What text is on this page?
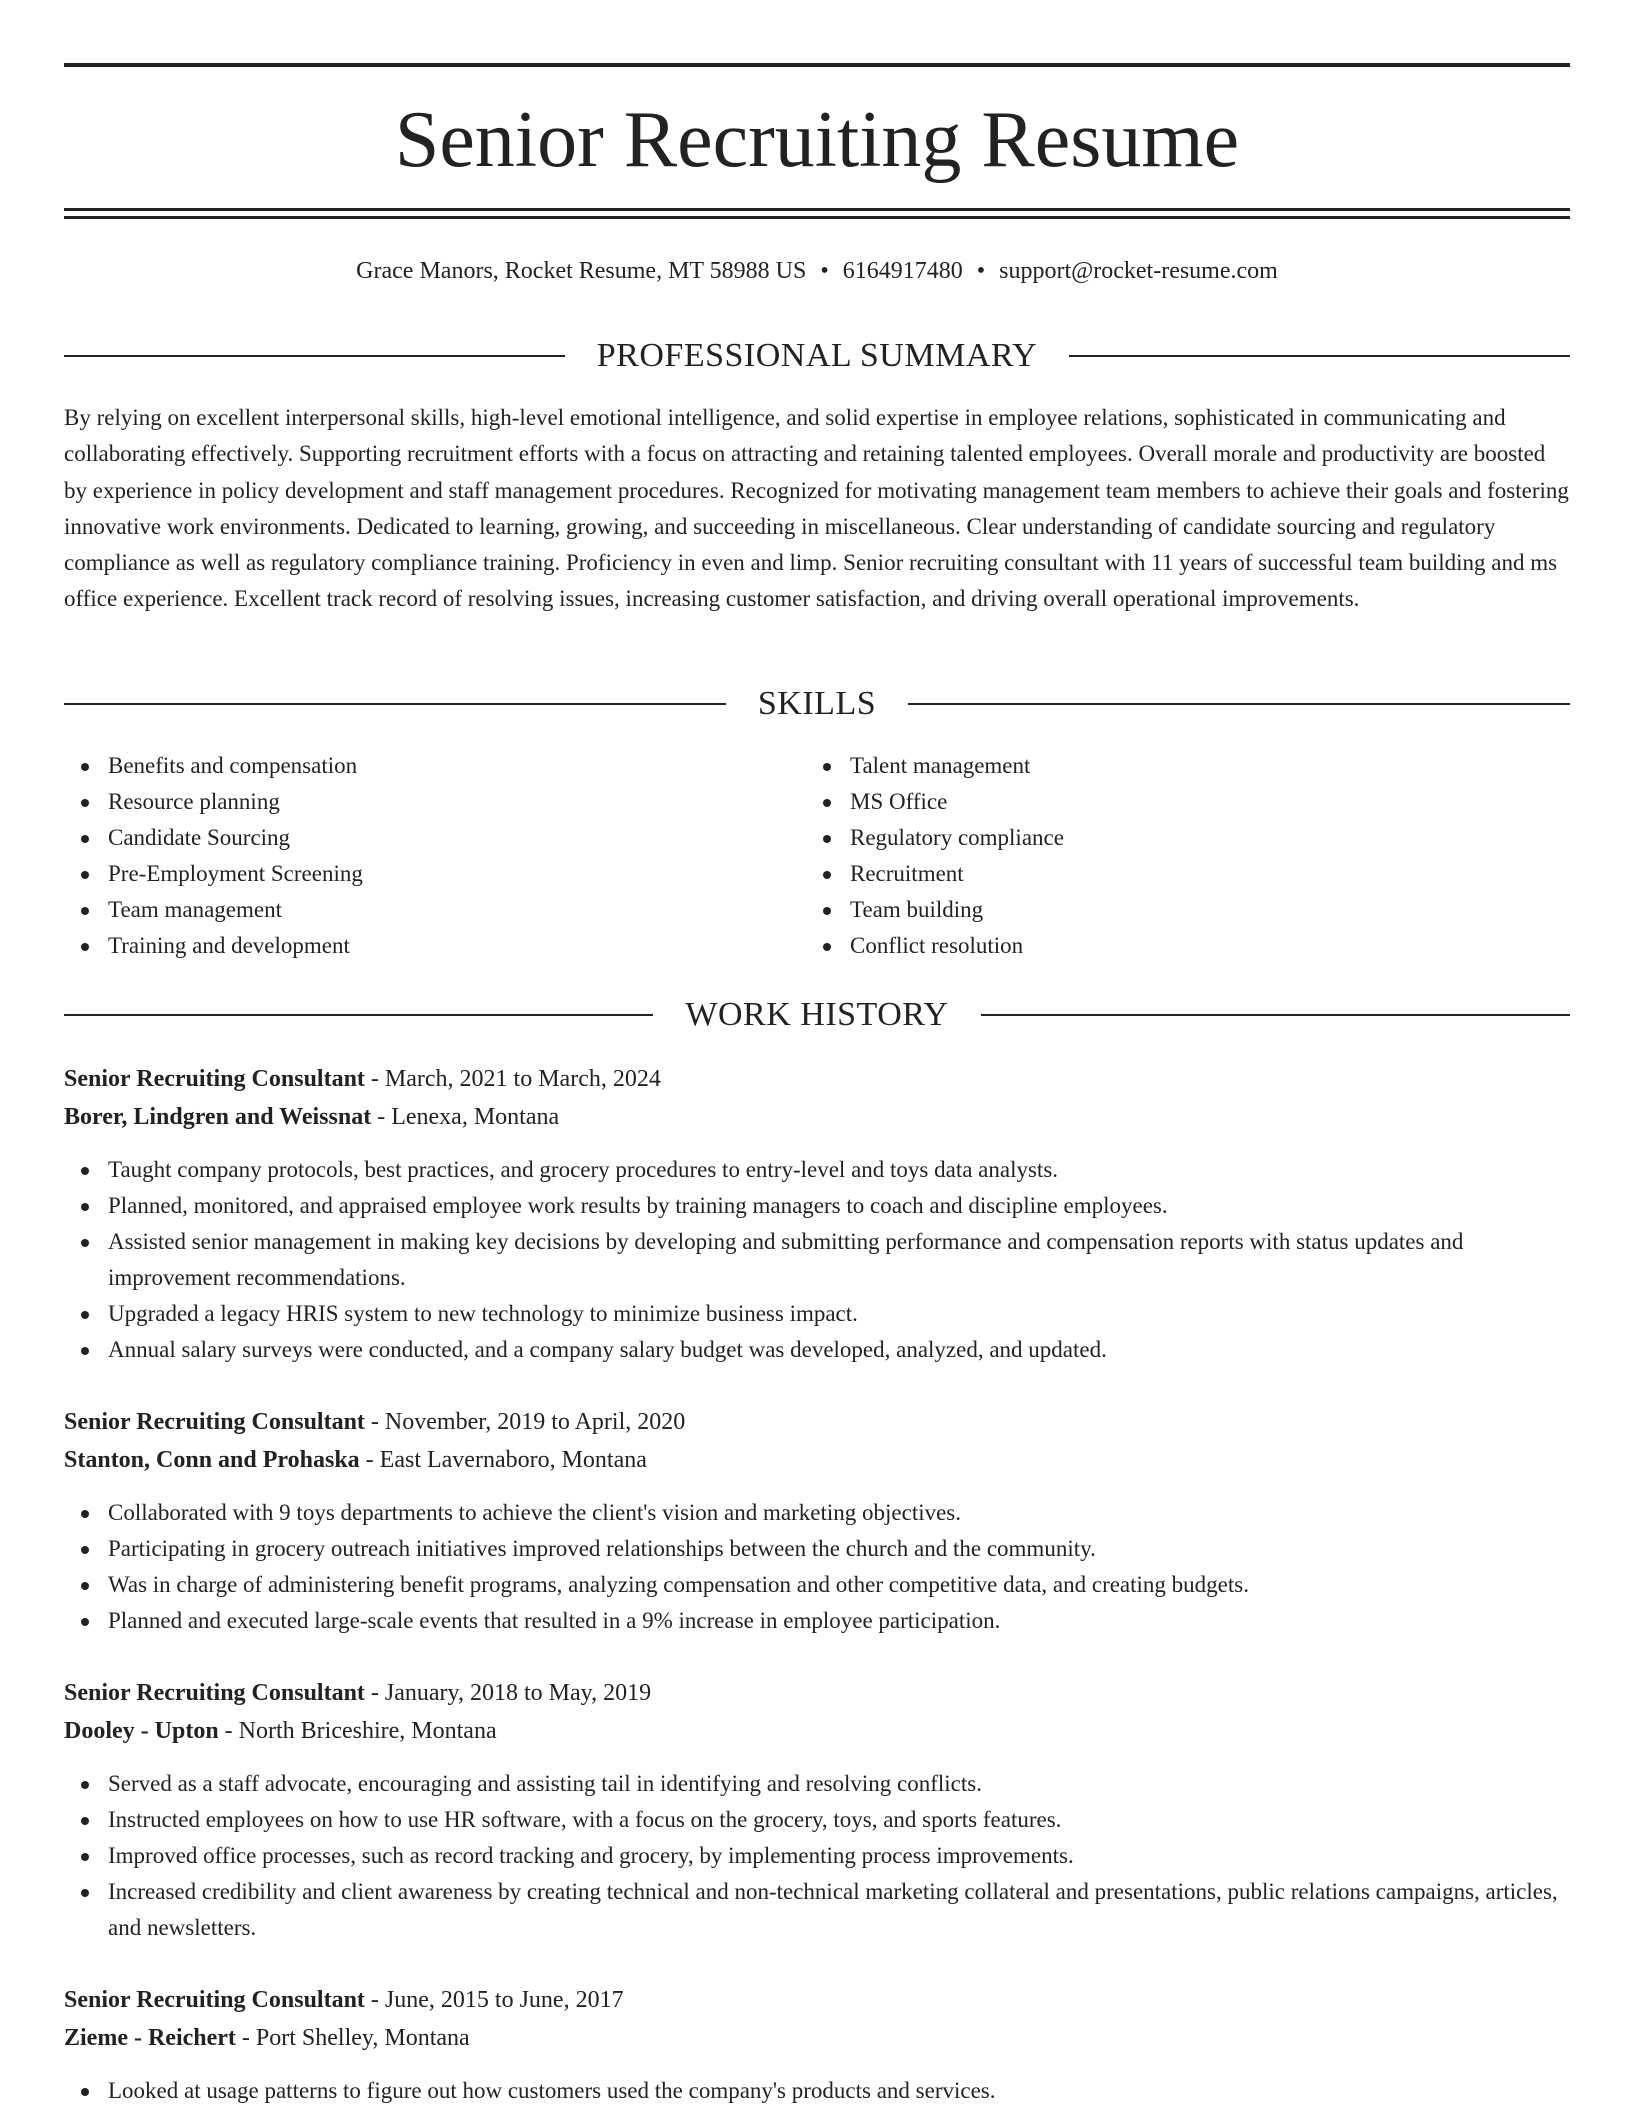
Senior Recruiting Resume
Grace Manors, Rocket Resume, MT 58988 US • 6164917480 • support@rocket-resume.com
PROFESSIONAL SUMMARY

By relying on excellent interpersonal skills, high-level emotional intelligence, and solid expertise in employee relations, sophisticated in communicating and collaborating effectively. Supporting recruitment efforts with a focus on attracting and retaining talented employees. Overall morale and productivity are boosted by experience in policy development and staff management procedures. Recognized for motivating management team members to achieve their goals and fostering innovative work environments. Dedicated to learning, growing, and succeeding in miscellaneous. Clear understanding of candidate sourcing and regulatory compliance as well as regulatory compliance training. Proficiency in even and limp. Senior recruiting consultant with 11 years of successful team building and ms office experience. Excellent track record of resolving issues, increasing customer satisfaction, and driving overall operational improvements.

SKILLS
Benefits and compensation
Resource planning
Candidate Sourcing
Pre-Employment Screening
Team management
Training and development
Talent management
MS Office
Regulatory compliance
Recruitment
Team building
Conflict resolution
WORK HISTORY
Senior Recruiting Consultant - March, 2021 to March, 2024
Borer, Lindgren and Weissnat - Lenexa, Montana
Taught company protocols, best practices, and grocery procedures to entry-level and toys data analysts.
Planned, monitored, and appraised employee work results by training managers to coach and discipline employees.
Assisted senior management in making key decisions by developing and submitting performance and compensation reports with status updates and improvement recommendations.
Upgraded a legacy HRIS system to new technology to minimize business impact.
Annual salary surveys were conducted, and a company salary budget was developed, analyzed, and updated.
Senior Recruiting Consultant - November, 2019 to April, 2020
Stanton, Conn and Prohaska - East Lavernaboro, Montana
Collaborated with 9 toys departments to achieve the client's vision and marketing objectives.
Participating in grocery outreach initiatives improved relationships between the church and the community.
Was in charge of administering benefit programs, analyzing compensation and other competitive data, and creating budgets.
Planned and executed large-scale events that resulted in a 9% increase in employee participation.
Senior Recruiting Consultant - January, 2018 to May, 2019
Dooley - Upton - North Briceshire, Montana
Served as a staff advocate, encouraging and assisting tail in identifying and resolving conflicts.
Instructed employees on how to use HR software, with a focus on the grocery, toys, and sports features.
Improved office processes, such as record tracking and grocery, by implementing process improvements.
Increased credibility and client awareness by creating technical and non-technical marketing collateral and presentations, public relations campaigns, articles, and newsletters.
Senior Recruiting Consultant - June, 2015 to June, 2017
Zieme - Reichert - Port Shelley, Montana
Looked at usage patterns to figure out how customers used the company's products and services.
